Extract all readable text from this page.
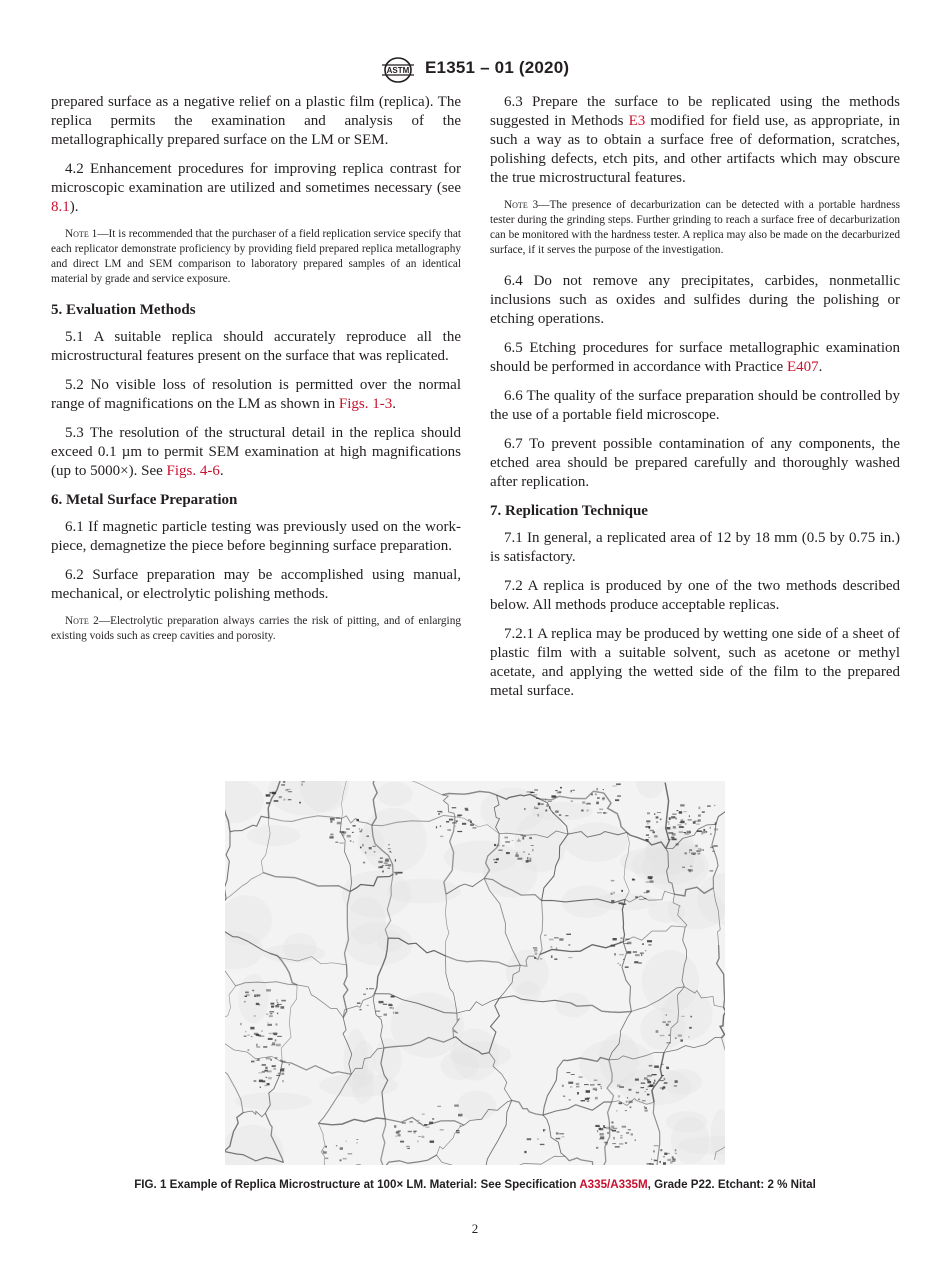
ASTM E1351 – 01 (2020)

prepared surface as a negative relief on a plastic film (replica). The replica permits the examination and analysis of the metallographically prepared surface on the LM or SEM.

4.2 Enhancement procedures for improving replica contrast for microscopic examination are utilized and sometimes necessary (see 8.1).

Note 1—It is recommended that the purchaser of a field replication service specify that each replicator demonstrate proficiency by providing field prepared replica metallography and direct LM and SEM comparison to laboratory prepared samples of an identical material by grade and service exposure.

5. Evaluation Methods

5.1 A suitable replica should accurately reproduce all the microstructural features present on the surface that was replicated.

5.2 No visible loss of resolution is permitted over the normal range of magnifications on the LM as shown in Figs. 1-3.

5.3 The resolution of the structural detail in the replica should exceed 0.1 µm to permit SEM examination at high magnifications (up to 5000×). See Figs. 4-6.

6. Metal Surface Preparation

6.1 If magnetic particle testing was previously used on the work-piece, demagnetize the piece before beginning surface preparation.

6.2 Surface preparation may be accomplished using manual, mechanical, or electrolytic polishing methods.

Note 2—Electrolytic preparation always carries the risk of pitting, and of enlarging existing voids such as creep cavities and porosity.

6.3 Prepare the surface to be replicated using the methods suggested in Methods E3 modified for field use, as appropriate, in such a way as to obtain a surface free of deformation, scratches, polishing defects, etch pits, and other artifacts which may obscure the true microstructural features.

Note 3—The presence of decarburization can be detected with a portable hardness tester during the grinding steps. Further grinding to reach a surface free of decarburization can be monitored with the hardness tester. A replica may also be made on the decarburized surface, if it serves the purpose of the investigation.

6.4 Do not remove any precipitates, carbides, nonmetallic inclusions such as oxides and sulfides during the polishing or etching operations.

6.5 Etching procedures for surface metallographic examination should be performed in accordance with Practice E407.

6.6 The quality of the surface preparation should be controlled by the use of a portable field microscope.

6.7 To prevent possible contamination of any components, the etched area should be prepared carefully and thoroughly washed after replication.

7. Replication Technique

7.1 In general, a replicated area of 12 by 18 mm (0.5 by 0.75 in.) is satisfactory.

7.2 A replica is produced by one of the two methods described below. All methods produce acceptable replicas.

7.2.1 A replica may be produced by wetting one side of a sheet of plastic film with a suitable solvent, such as acetone or methyl acetate, and applying the wetted side of the film to the prepared metal surface.

FIG. 1 Example of Replica Microstructure at 100× LM. Material: See Specification A335/A335M, Grade P22. Etchant: 2 % Nital
2
